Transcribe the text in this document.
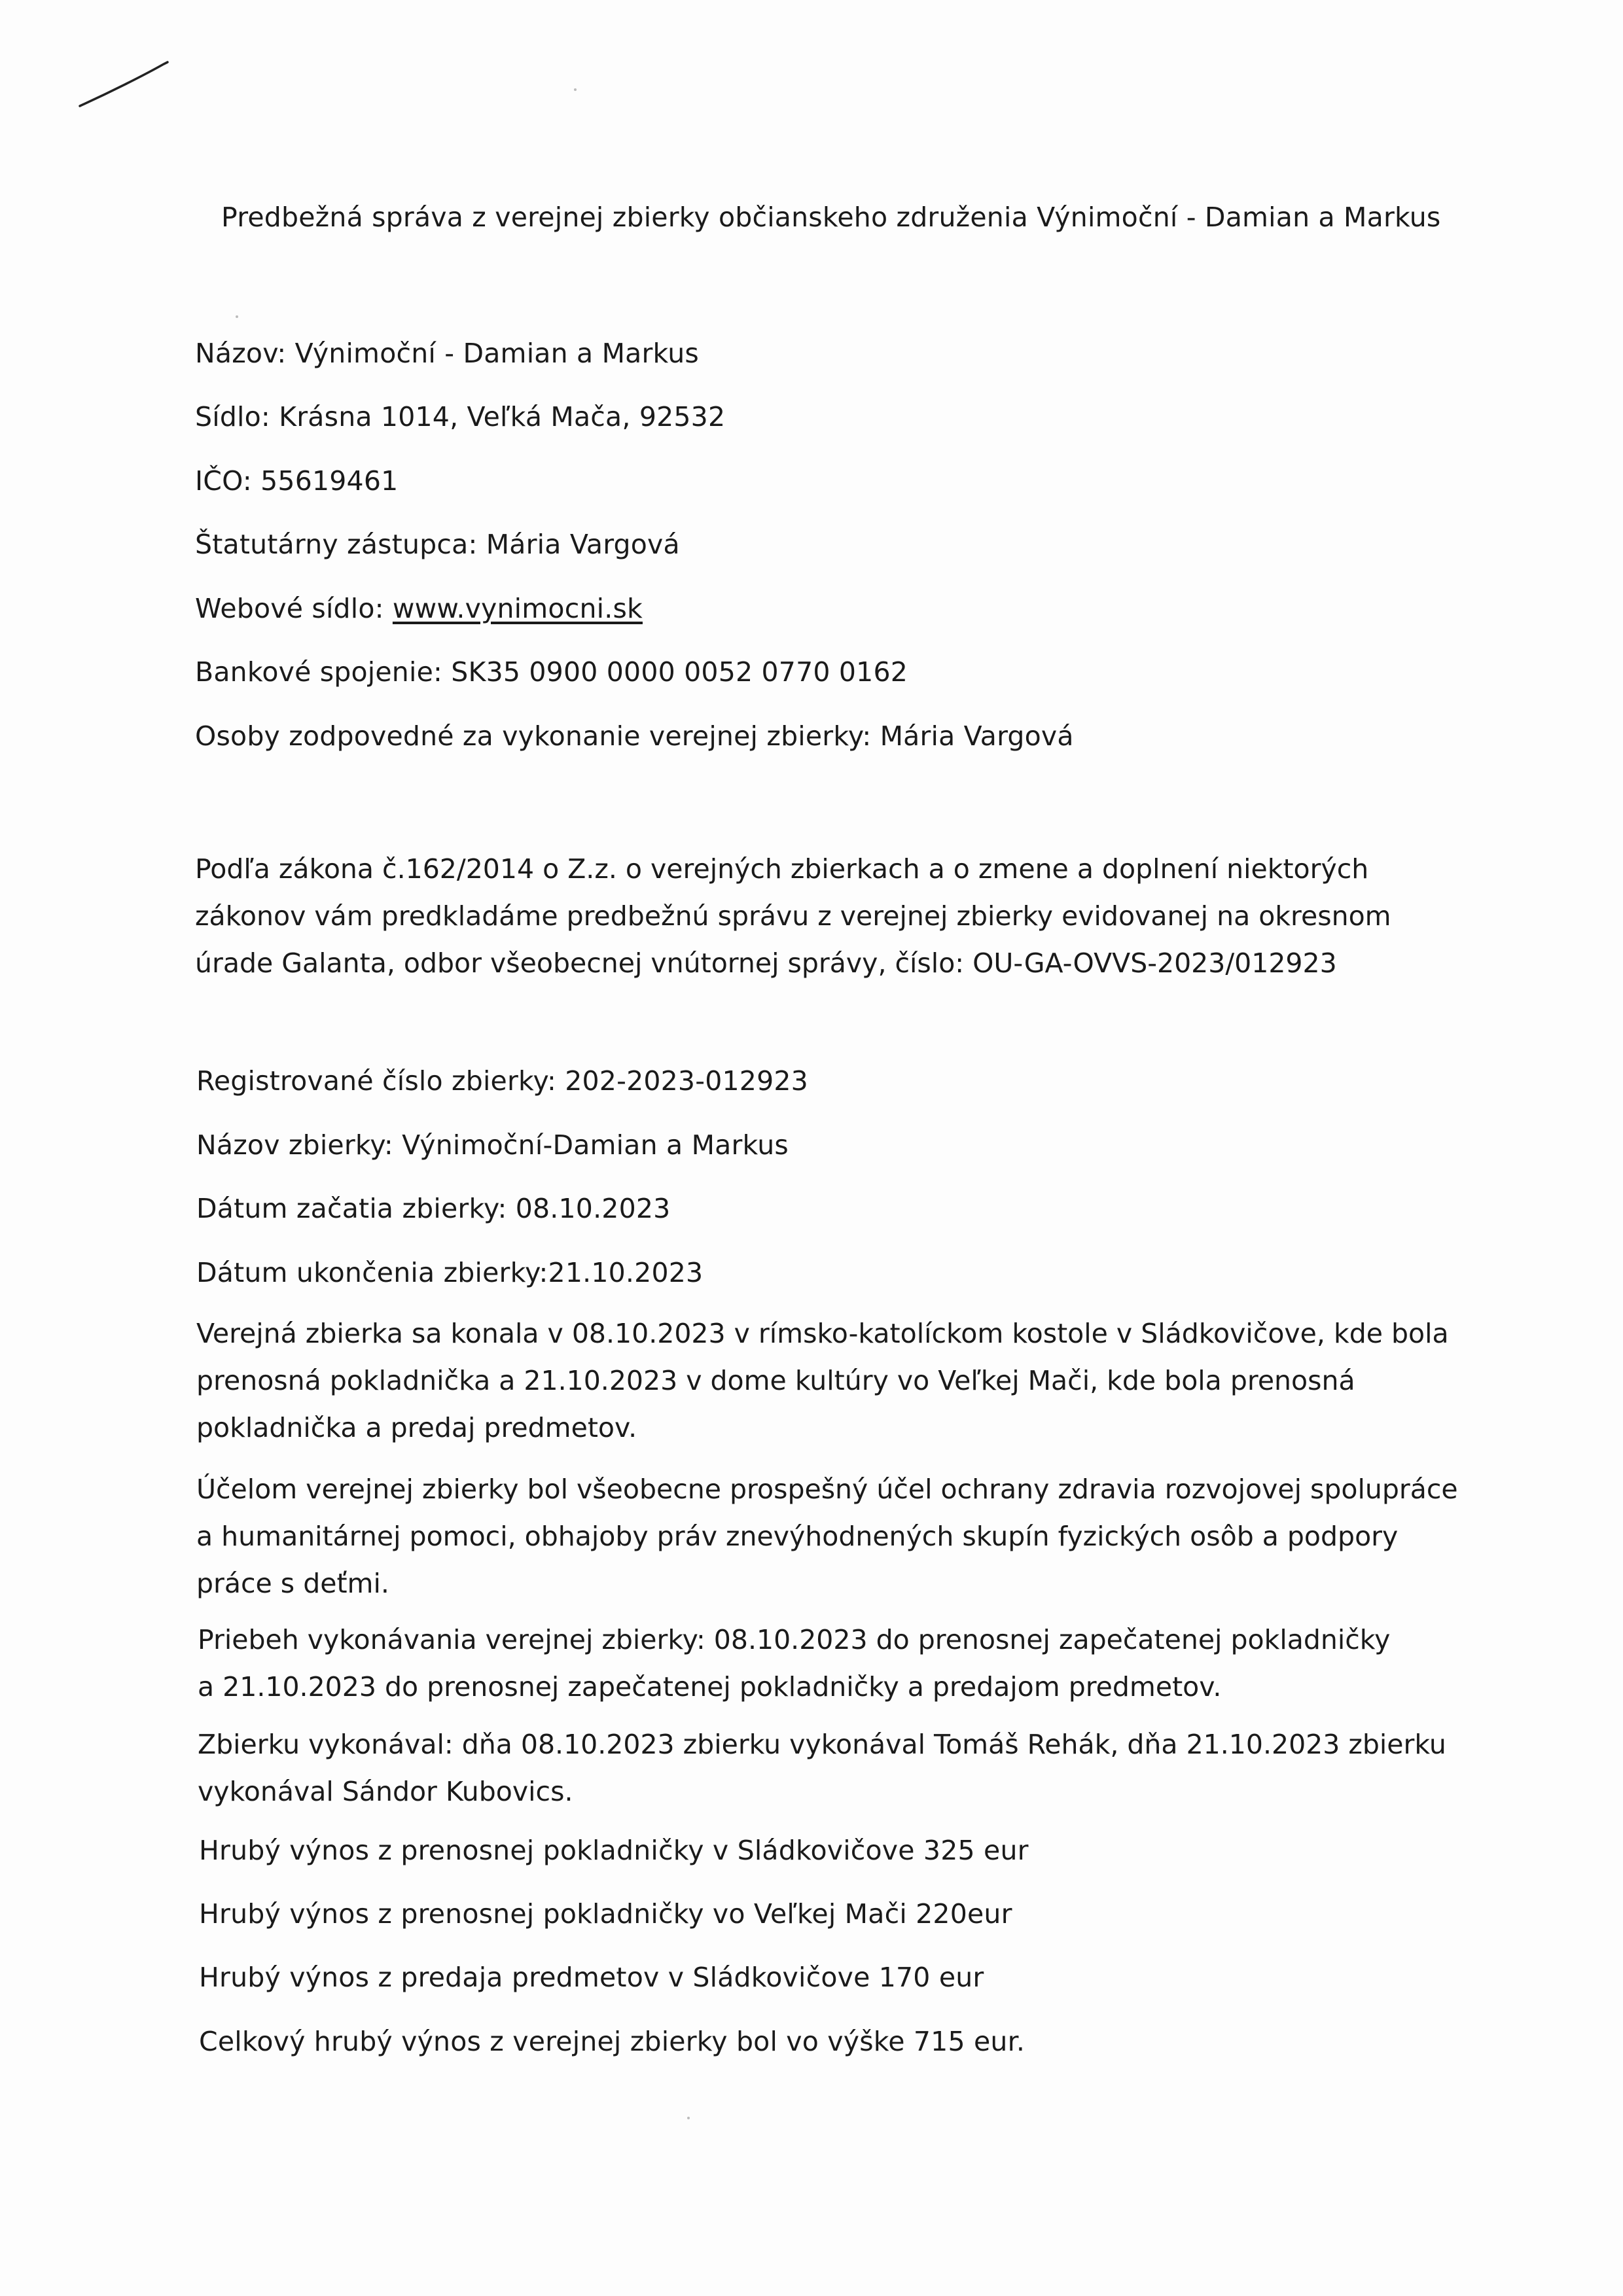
Predbežná správa z verejnej zbierky občianskeho združenia Výnimoční - Damian a Markus
Názov: Výnimoční - Damian a Markus
Sídlo: Krásna 1014, Veľká Mača, 92532
IČO: 55619461
Štatutárny zástupca: Mária Vargová
Webové sídlo: www.vynimocni.sk
Bankové spojenie: SK35 0900 0000 0052 0770 0162
Osoby zodpovedné za vykonanie verejnej zbierky: Mária Vargová
Podľa zákona č.162/2014 o Z.z. o verejných zbierkach a o zmene a doplnení niektorých
zákonov vám predkladáme predbežnú správu z verejnej zbierky evidovanej na okresnom
úrade Galanta, odbor všeobecnej vnútornej správy, číslo: OU-GA-OVVS-2023/012923
Registrované číslo zbierky: 202-2023-012923
Názov zbierky: Výnimoční-Damian a Markus
Dátum začatia zbierky: 08.10.2023
Dátum ukončenia zbierky:21.10.2023
Verejná zbierka sa konala v 08.10.2023 v rímsko-katolíckom kostole v Sládkovičove, kde bola
prenosná pokladnička a 21.10.2023 v dome kultúry vo Veľkej Mači, kde bola prenosná
pokladnička a predaj predmetov.
Účelom verejnej zbierky bol všeobecne prospešný účel ochrany zdravia rozvojovej spolupráce
a humanitárnej pomoci, obhajoby práv znevýhodnených skupín fyzických osôb a podpory
práce s deťmi.
Priebeh vykonávania verejnej zbierky: 08.10.2023 do prenosnej zapečatenej pokladničky
a 21.10.2023 do prenosnej zapečatenej pokladničky a predajom predmetov.
Zbierku vykonával: dňa 08.10.2023 zbierku vykonával Tomáš Rehák, dňa 21.10.2023 zbierku
vykonával Sándor Kubovics.
Hrubý výnos z prenosnej pokladničky v Sládkovičove 325 eur
Hrubý výnos z prenosnej pokladničky vo Veľkej Mači 220eur
Hrubý výnos z predaja predmetov v Sládkovičove 170 eur
Celkový hrubý výnos z verejnej zbierky bol vo výške 715 eur.
